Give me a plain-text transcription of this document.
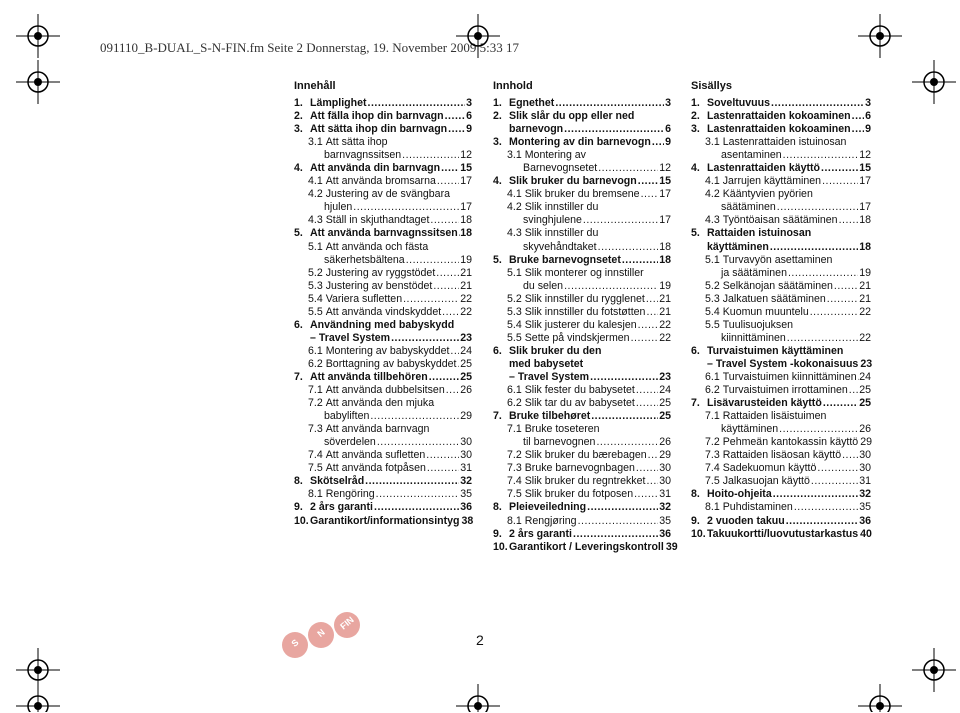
091110_B-DUAL_S-N-FIN.fm Seite 2 Donnerstag, 19. November 2009 5:33 17
Innehåll
1. Lämplighet .....	3
2. Att fälla ihop din barnvagn ..... 6
3. Att sätta ihop din barnvagn ..... 9
3.1 Att sätta ihop
barnvagnssitsen .....	12
4. Att använda din barnvagn ..... 15
4.1 Att använda bromsarna ..... 17
4.2 Justering av de svängbara
hjulen .....	17
4.3 Ställ in skjuthandtaget .....	18
5. Att använda barnvagnssitsen ..... 18
5.1 Att använda och fästa
säkerhetsbältena .....	19
5.2 Justering av ryggstödet ..... 21
5.3 Justering av benstödet .....	21
5.4 Variera sufletten .....	22
5.5 Att använda vindskyddet ..... 22
6. Användning med babyskydd
– Travel System .....	23
6.1 Montering av babyskyddet ..... 24
6.2 Borttagning av babyskyddet ..... 25
7. Att använda tillbehören .....	25
7.1 Att använda dubbelsitsen ..... 26
7.2 Att använda den mjuka
babyliften .....	29
7.3 Att använda barnvagn
söverdelen .....	30
7.4 Att använda sufletten .....	30
7.5 Att använda fotpåsen .....	31
8. Skötselråd .....	32
8.1 Rengöring .....	35
9. 2 års garanti .....	36
10. Garantikort/informationsintyg 38
Innhold
1. Egnethet .....	3
2. Slik slår du opp eller ned
barnevogn .....	6
3. Montering av din barnevogn ..... 9
3.1 Montering av
Barnevognsetet .....	12
4. Slik bruker du barnevogn ..... 15
4.1 Slik bruker du bremsene ..... 17
4.2 Slik innstiller du
svinghjulene .....	17
4.3 Slik innstiller du
skyvehåndtaket .....	18
5. Bruke barnevognsetet .....	18
5.1 Slik monterer og innstiller
du selen .....	19
5.2 Slik innstiller du rygglenet ..... 21
5.3 Slik innstiller du fotstøtten ..... 21
5.4 Slik justerer du kalesjen ..... 22
5.5 Sette på vindskjermen .....	22
6. Slik bruker du den
med babysetet
– Travel System .....	23
6.1 Slik fester du babysetet ..... 24
6.2 Slik tar du av babysetet ..... 25
7. Bruke tilbehøret .....	25
7.1 Bruke toseteren
til barnevognen .....	26
7.2 Slik bruker du bærebagen ..... 29
7.3 Bruke barnevognbagen ..... 30
7.4 Slik bruker du regntrekket ..... 30
7.5 Slik bruker du fotposen ..... 31
8. Pleieveiledning .....	32
8.1 Rengjøring .....	35
9. 2 års garanti .....	36
10. Garantikort / Leveringskontroll 39
Sisällys
1. Soveltuvuus .....	3
2. Lastenrattaiden kokoaminen ..... 6
3. Lastenrattaiden kokoaminen ..... 9
3.1 Lastenrattaiden istuinosan
asentaminen .....	12
4. Lastenrattaiden käyttö .....	15
4.1 Jarrujen käyttäminen .....	17
4.2 Kääntyvien pyörien
säätäminen .....	17
4.3 Työntöaisan säätäminen ..... 18
5. Rattaiden istuinosan
käyttäminen .....	18
5.1 Turvavyön asettaminen
ja säätäminen .....	19
5.2 Selkänojan säätäminen ..... 21
5.3 Jalkatuen säätäminen .....	21
5.4 Kuomun muuntelu .....	22
5.5 Tuulisuojuksen
kiinnittäminen .....	22
6. Turvaistuimen käyttäminen
– Travel System -kokonaisuus 23
6.1 Turvaistuimen kiinnittäminen ..... 24
6.2 Turvaistuimen irrottaminen ..... 25
7. Lisävarusteiden käyttö .....	25
7.1 Rattaiden lisäistuimen
käyttäminen .....	26
7.2 Pehmeän kantokassin käyttö 29
7.3 Rattaiden lisäosan käyttö ..... 30
7.4 Sadekuomun käyttö .....	30
7.5 Jalkasuojan käyttö .....	31
8. Hoito-ohjeita .....	32
8.1 Puhdistaminen .....	35
9. 2 vuoden takuu .....	36
10. Takuukortti/luovutustarkastus 40
S
N
FIN
2
